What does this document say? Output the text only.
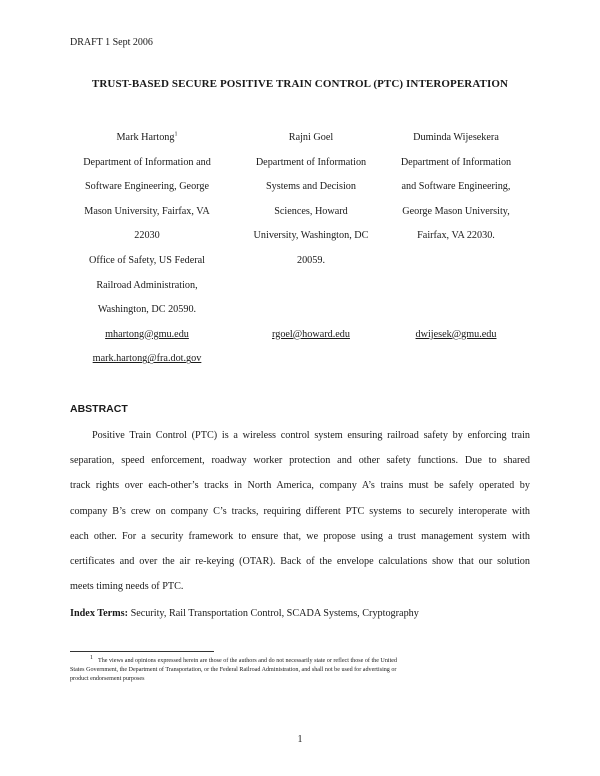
DRAFT 1 Sept 2006
TRUST-BASED SECURE POSITIVE TRAIN CONTROL (PTC) INTEROPERATION
Mark Hartong$^1$
Department of Information and
Software Engineering, George
Mason University, Fairfax, VA
22030
Office of Safety, US Federal
Railroad Administration,
Washington, DC 20590.
mhartong@gmu.edu
mark.hartong@fra.dot.gov
Rajni Goel
Department of Information
Systems and Decision
Sciences, Howard
University, Washington, DC
20059.
rgoel@howard.edu
Duminda Wijesekera
Department of Information
and Software Engineering,
George Mason University,
Fairfax, VA 22030.
dwijesek@gmu.edu
ABSTRACT
Positive Train Control (PTC) is a wireless control system ensuring railroad safety by enforcing train
separation, speed enforcement, roadway worker protection and other safety functions. Due to shared
track rights over each-other’s tracks in North America, company A’s trains must be safely operated by
company B’s crew on company C’s tracks, requiring different PTC systems to securely interoperate with
each other. For a security framework to ensure that, we propose using a trust management system with
certificates and over the air re-keying (OTAR). Back of the envelope calculations show that our solution
meets timing needs of PTC.
Index Terms: Security, Rail Transportation Control, SCADA Systems, Cryptography
1The views and opinions expressed herein are those of the authors and do not necessarily state or reflect those of the United
States Government, the Department of Transportation, or the Federal Railroad Administration, and shall not be used for advertising or
product endorsement purposes
1
